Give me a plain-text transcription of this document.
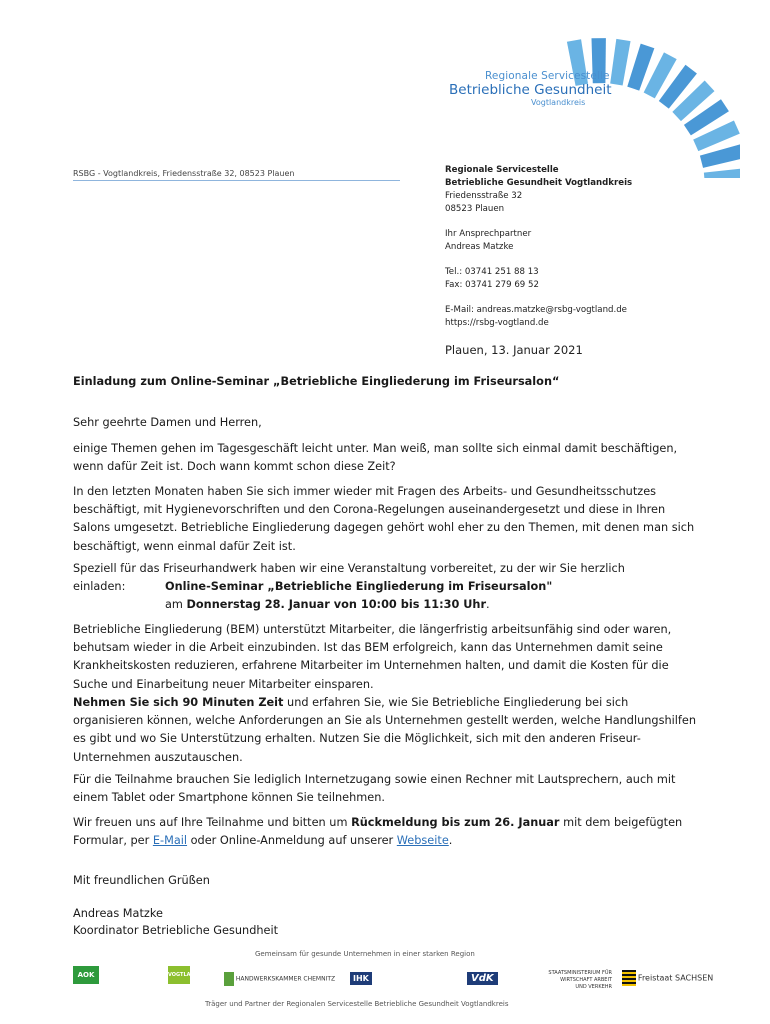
Regionale Servicestelle
Betriebliche Gesundheit
Vogtlandkreis
RSBG - Vogtlandkreis, Friedensstraße 32, 08523 Plauen	Regionale Servicestelle
Betriebliche Gesundheit Vogtlandkreis
Friedensstraße 32
08523 Plauen
Ihr Ansprechpartner
Andreas Matzke
Tel.: 03741 251 88 13
Fax: 03741 279 69 52
E-Mail: andreas.matzke@rsbg-vogtland.de
https://rsbg-vogtland.de
Plauen, 13. Januar 2021
Einladung zum Online-Seminar „Betriebliche Eingliederung im Friseursalon“
Sehr geehrte Damen und Herren,
einige Themen gehen im Tagesgeschäft leicht unter. Man weiß, man sollte sich einmal damit beschäftigen, wenn dafür Zeit ist. Doch wann kommt schon diese Zeit?
In den letzten Monaten haben Sie sich immer wieder mit Fragen des Arbeits- und Gesundheitsschutzes beschäftigt, mit Hygienevorschriften und den Corona-Regelungen auseinandergesetzt und diese in Ihren Salons umgesetzt. Betriebliche Eingliederung dagegen gehört wohl eher zu den Themen, mit denen man sich beschäftigt, wenn einmal dafür Zeit ist.
Speziell für das Friseurhandwerk haben wir eine Veranstaltung vorbereitet, zu der wir Sie herzlich
einladen:	Online-Seminar „Betriebliche Eingliederung im Friseursalon"
am Donnerstag 28. Januar von 10:00 bis 11:30 Uhr.
Betriebliche Eingliederung (BEM) unterstützt Mitarbeiter, die längerfristig arbeitsunfähig sind oder waren, behutsam wieder in die Arbeit einzubinden. Ist das BEM erfolgreich, kann das Unternehmen damit seine Krankheitskosten reduzieren, erfahrene Mitarbeiter im Unternehmen halten, und damit die Kosten für die Suche und Einarbeitung neuer Mitarbeiter einsparen.
Nehmen Sie sich 90 Minuten Zeit und erfahren Sie, wie Sie Betriebliche Eingliederung bei sich organisieren können, welche Anforderungen an Sie als Unternehmen gestellt werden, welche Handlungshilfen es gibt und wo Sie Unterstützung erhalten. Nutzen Sie die Möglichkeit, sich mit den anderen Friseur-Unternehmen auszutauschen.
Für die Teilnahme brauchen Sie lediglich Internetzugang sowie einen Rechner mit Lautsprechern, auch mit einem Tablet oder Smartphone können Sie teilnehmen.
Wir freuen uns auf Ihre Teilnahme und bitten um Rückmeldung bis zum 26. Januar mit dem beigefügten Formular, per E-Mail oder Online-Anmeldung auf unserer Webseite.
Mit freundlichen Grüßen
Andreas Matzke
Koordinator Betriebliche Gesundheit
Gemeinsam für gesunde Unternehmen in einer starken Region
AOK PLUS
VOGTLAND
HANDWERKSKAMMER CHEMNITZ	IHK	VdK	STAATSMINISTERIUM FÜR WIRTSCHAFT ARBEIT UND VERKEHR
Freistaat SACHSEN
Träger und Partner der Regionalen Servicestelle Betriebliche Gesundheit Vogtlandkreis
